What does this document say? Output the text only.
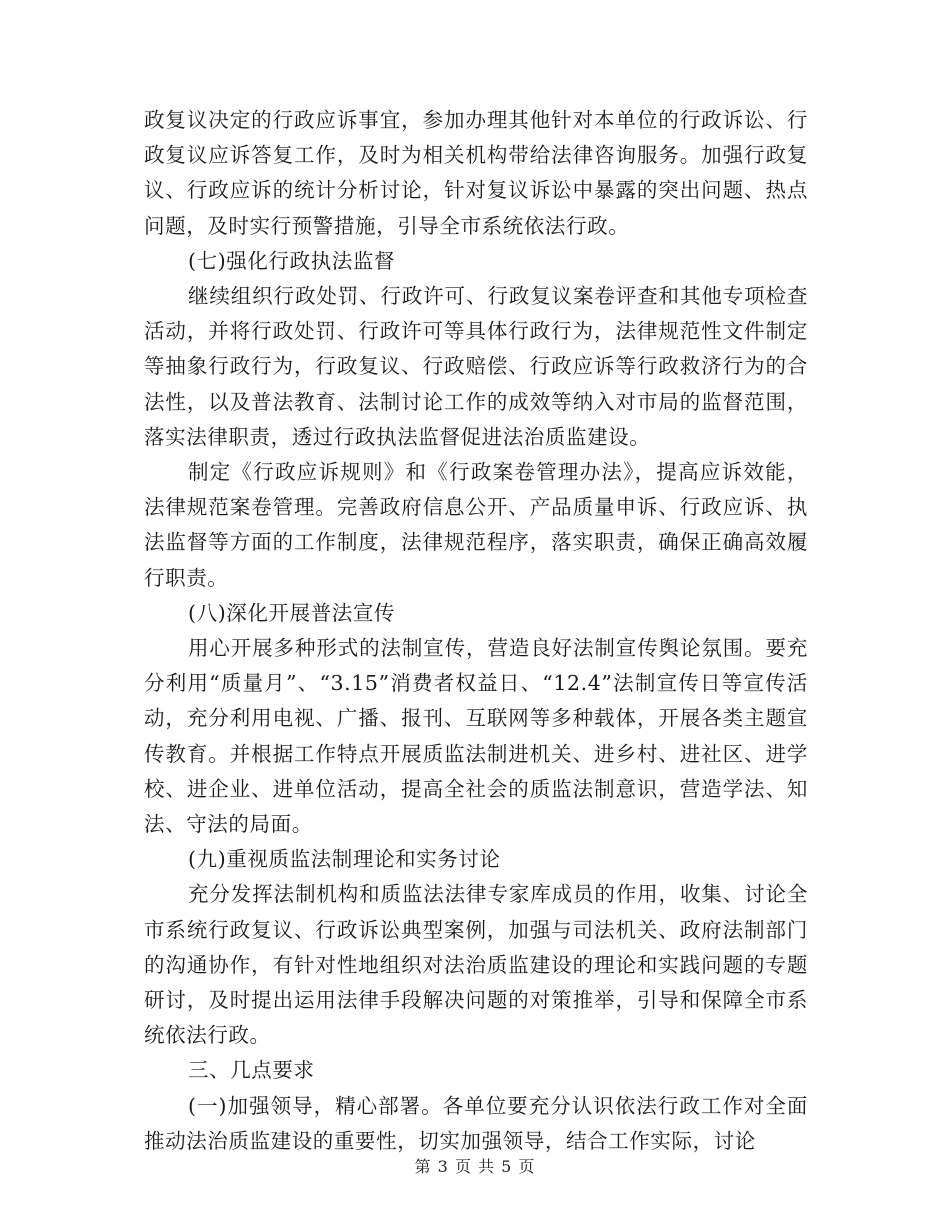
政复议决定的行政应诉事宜，参加办理其他针对本单位的行政诉讼、行政复议应诉答复工作，及时为相关机构带给法律咨询服务。加强行政复议、行政应诉的统计分析讨论，针对复议诉讼中暴露的突出问题、热点问题，及时实行预警措施，引导全市系统依法行政。

(七)强化行政执法监督

继续组织行政处罚、行政许可、行政复议案卷评查和其他专项检查活动，并将行政处罚、行政许可等具体行政行为，法律规范性文件制定等抽象行政行为，行政复议、行政赔偿、行政应诉等行政救济行为的合法性，以及普法教育、法制讨论工作的成效等纳入对市局的监督范围，落实法律职责，透过行政执法监督促进法治质监建设。

制定《行政应诉规则》和《行政案卷管理办法》，提高应诉效能，法律规范案卷管理。完善政府信息公开、产品质量申诉、行政应诉、执法监督等方面的工作制度，法律规范程序，落实职责，确保正确高效履行职责。

(八)深化开展普法宣传

用心开展多种形式的法制宣传，营造良好法制宣传舆论氛围。要充分利用“质量月”、“3.15”消费者权益日、“12.4”法制宣传日等宣传活动，充分利用电视、广播、报刊、互联网等多种载体，开展各类主题宣传教育。并根据工作特点开展质监法制进机关、进乡村、进社区、进学校、进企业、进单位活动，提高全社会的质监法制意识，营造学法、知法、守法的局面。

(九)重视质监法制理论和实务讨论

充分发挥法制机构和质监法法律专家库成员的作用，收集、讨论全市系统行政复议、行政诉讼典型案例，加强与司法机关、政府法制部门的沟通协作，有针对性地组织对法治质监建设的理论和实践问题的专题研讨，及时提出运用法律手段解决问题的对策推举，引导和保障全市系统依法行政。

三、几点要求

(一)加强领导，精心部署。各单位要充分认识依法行政工作对全面推动法治质监建设的重要性，切实加强领导，结合工作实际，讨论

第 3 页 共 5 页
